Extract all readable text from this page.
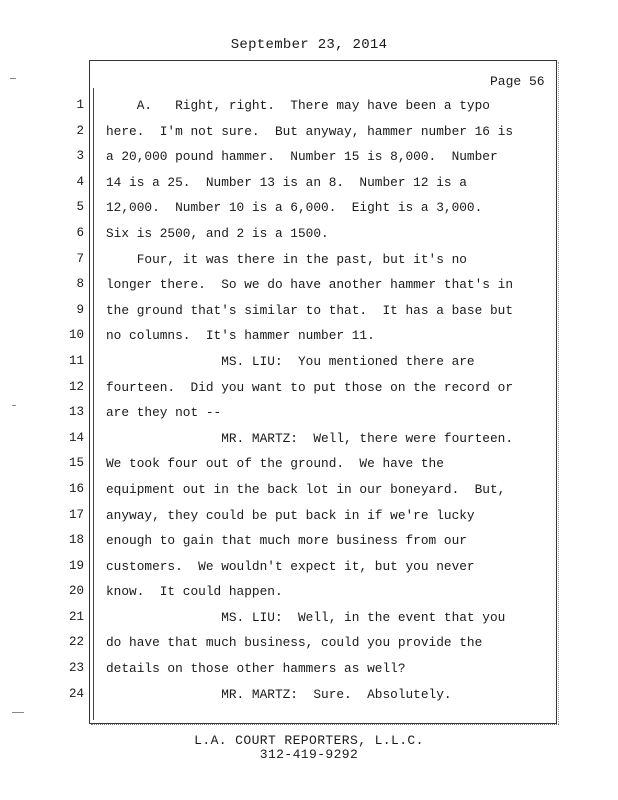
September 23, 2014
Page 56
1 A.   Right, right.  There may have been a typo
2 here.  I'm not sure.  But anyway, hammer number 16 is
3 a 20,000 pound hammer.  Number 15 is 8,000.  Number
4 14 is a 25.  Number 13 is an 8.  Number 12 is a
5 12,000.  Number 10 is a 6,000.  Eight is a 3,000.
6 Six is 2500, and 2 is a 1500.
7 Four, it was there in the past, but it's no
8 longer there.  So we do have another hammer that's in
9 the ground that's similar to that.  It has a base but
10 no columns.  It's hammer number 11.
11 MS. LIU:  You mentioned there are
12 fourteen.  Did you want to put those on the record or
13 are they not --
14 MR. MARTZ:  Well, there were fourteen.
15 We took four out of the ground.  We have the
16 equipment out in the back lot in our boneyard.  But,
17 anyway, they could be put back in if we're lucky
18 enough to gain that much more business from our
19 customers.  We wouldn't expect it, but you never
20 know.  It could happen.
21 MS. LIU:  Well, in the event that you
22 do have that much business, could you provide the
23 details on those other hammers as well?
24 MR. MARTZ:  Sure.  Absolutely.
L.A. COURT REPORTERS, L.L.C.
312-419-9292
